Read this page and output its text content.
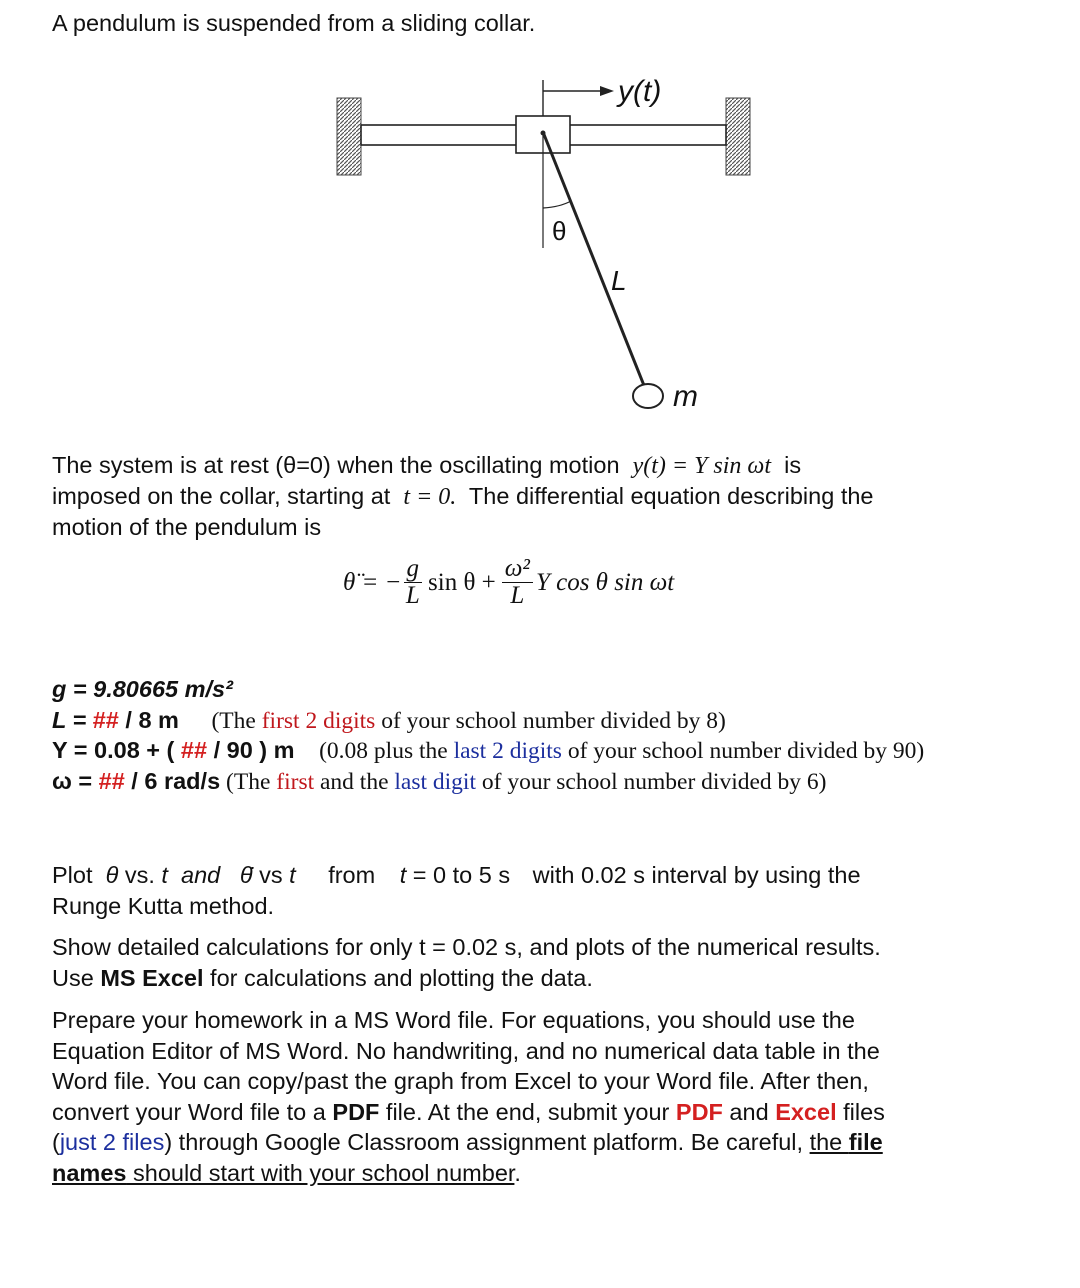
A pendulum is suspended from a sliding collar.
y(t)
θ
L
m
The system is at rest (θ=0) when the oscillating motion y(t) = Y sin ωt is
imposed on the collar, starting at t = 0. The differential equation describing the
motion of the pendulum is
θ̈ = − $\frac{g}{L}$ $\sin \theta + \frac{\text{ω²}}{L}$ Y cos θ sin ωt
g = 9.80665 m/s²
L = ## / 8 m (The first 2 digits of your school number divided by 8)
Y = 0.08 + ( ## / 90 ) m (0.08 plus the last 2 digits of your school number divided by 90)
ω = ## / 6 rad/s (The first and the last digit of your school number divided by 6)
Plot θ vs. t and θ̇ vs t from t = 0 to 5 s with 0.02 s interval by using the
Runge Kutta method.
Show detailed calculations for only t = 0.02 s, and plots of the numerical results.
Use MS Excel for calculations and plotting the data.
Prepare your homework in a MS Word file. For equations, you should use the
Equation Editor of MS Word. No handwriting, and no numerical data table in the
Word file. You can copy/past the graph from Excel to your Word file. After then,
convert your Word file to a PDF file. At the end, submit your PDF and Excel files
(just 2 files) through Google Classroom assignment platform. Be careful, the file
names should start with your school number.
